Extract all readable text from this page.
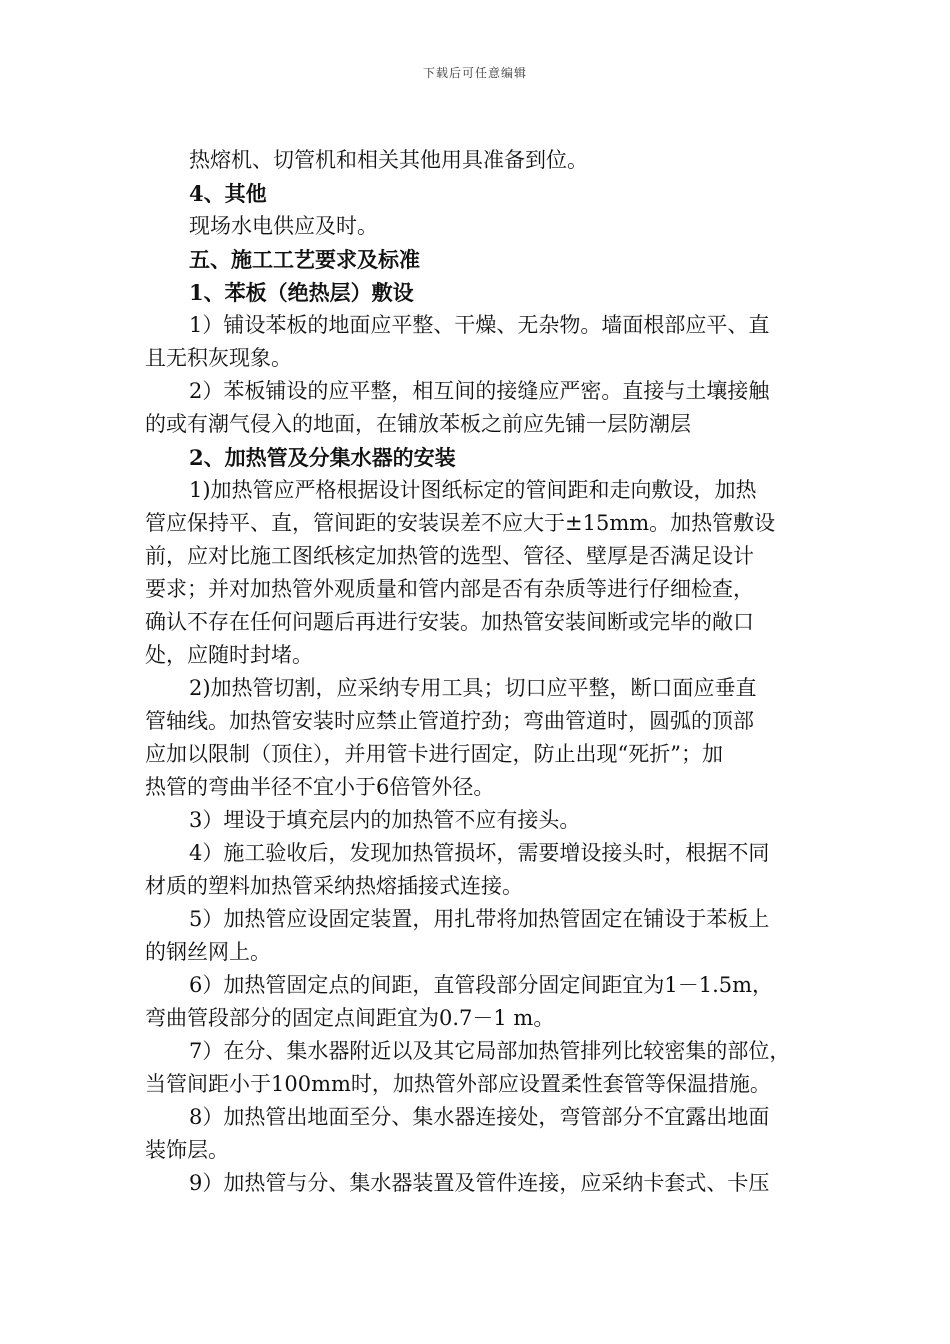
下载后可任意编辑

热熔机、切管机和相关其他用具准备到位。

4、其他

现场水电供应及时。

五、施工工艺要求及标准

1、苯板（绝热层）敷设

1）铺设苯板的地面应平整、干燥、无杂物。墙面根部应平、直
且无积灰现象。

2）苯板铺设的应平整，相互间的接缝应严密。直接与土壤接触
的或有潮气侵入的地面，在铺放苯板之前应先铺一层防潮层

2、加热管及分集水器的安装

1)加热管应严格根据设计图纸标定的管间距和走向敷设，加热
管应保持平、直，管间距的安装误差不应大于±15mm。加热管敷设
前，应对比施工图纸核定加热管的选型、管径、壁厚是否满足设计
要求；并对加热管外观质量和管内部是否有杂质等进行仔细检查，
确认不存在任何问题后再进行安装。加热管安装间断或完毕的敞口
处，应随时封堵。

2)加热管切割，应采纳专用工具；切口应平整，断口面应垂直
管轴线。加热管安装时应禁止管道拧劲；弯曲管道时，圆弧的顶部
应加以限制（顶住），并用管卡进行固定，防止出现“死折”；加
热管的弯曲半径不宜小于6倍管外径。

3）埋设于填充层内的加热管不应有接头。

4）施工验收后，发现加热管损坏，需要增设接头时，根据不同
材质的塑料加热管采纳热熔插接式连接。

5）加热管应设固定装置，用扎带将加热管固定在铺设于苯板上
的钢丝网上。

6）加热管固定点的间距，直管段部分固定间距宜为1－1.5m，
弯曲管段部分的固定点间距宜为0.7－1 m。

7）在分、集水器附近以及其它局部加热管排列比较密集的部位，
当管间距小于100mm时，加热管外部应设置柔性套管等保温措施。

8）加热管出地面至分、集水器连接处，弯管部分不宜露出地面
装饰层。

9）加热管与分、集水器装置及管件连接，应采纳卡套式、卡压
